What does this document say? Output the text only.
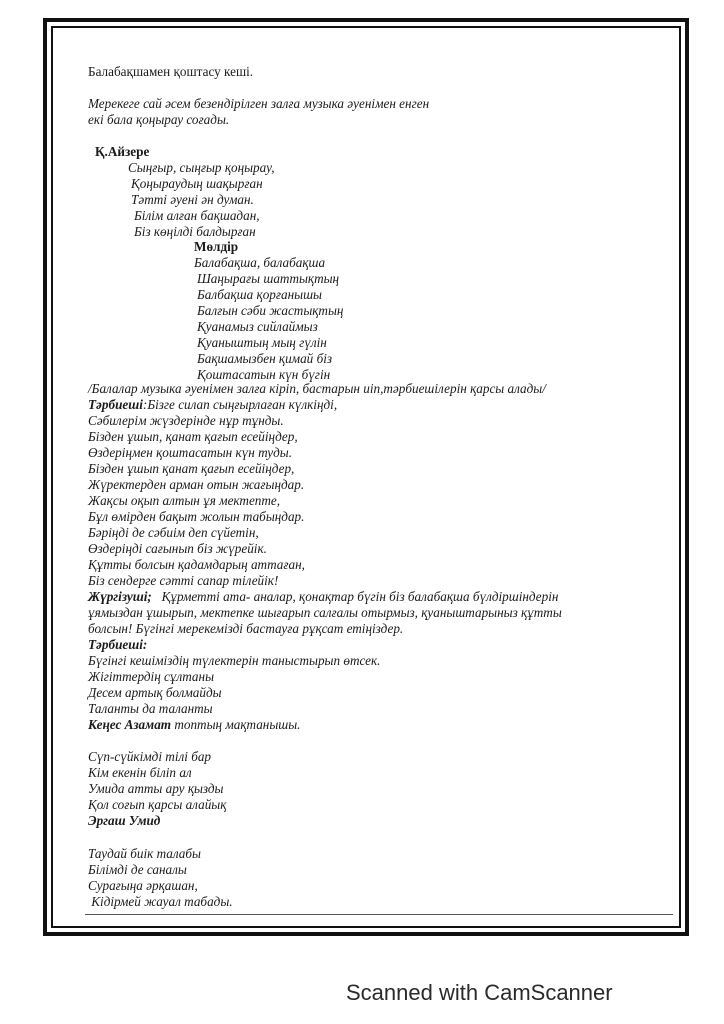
Балабақшамен қоштасу кеші.
Мерекеге сай әсем безендірілген залға музыка әуенімен енген
екі бала қоңырау соғады.
Қ.Айзере
Сыңғыр, сыңғыр қоңырау,
Қоңыраудың шақырған
Тәтті әуені ән думан.
Білім алған бақшадан,
Біз көңілді балдырған
Мөлдір
Балабақша, балабақша
Шаңырағы шаттықтың
Балбақша қорғанышы
Балғын сәби жастықтың
Қуанамыз сийлаймыз
Қуаныштың мың гүлін
Бақшамызбен қимай біз
Қоштасатын күн бүгін
/Балалар музыка әуенімен залға кіріп, бастарын иіп,тәрбиешілерін қарсы алады/
Тәрбиеші:Бізге силап сыңғырлаған күлкіңді,
Сәбилерім жүздерінде нұр тұнды.
Бізден ұшып, қанат қағып есейіңдер,
Өздеріңмен қоштасатын күн туды.
Бізден ұшып қанат қағып есейіңдер,
Жүректерден арман отын жағыңдар.
Жақсы оқып алтын ұя мектепте,
Бұл өмірден бақыт жолын табыңдар.
Бәріңді де сәбиім деп сүйетін,
Өздеріңді сағынып біз жүрейік.
Құтты болсын қадамдарың аттаған,
Біз сендерге сәтті сапар тілейік!
Жүргізуші; Құрметті ата- аналар, қонақтар бүгін біз балабақша бүлдіршіндерін
ұямыздан ұшырып, мектепке шығарып салғалы отырмыз, қуаныштарыныз құтты
болсын! Бүгінгі мерекемізді бастауға рұқсат етіңіздер.
Тәрбиеші:
Бүгінгі кешіміздің түлектерін таныстырып өтсек.
Жігіттердің сұлтаны
Десем артық болмайды
Таланты да таланты
Кеңес Азамат топтың мақтанышы.
Сүп-сүйкімді тілі бар
Кім екенін біліп ал
Умида атты ару қызды
Қол соғып қарсы алайық
Эргаш Умид
Таудай биік талабы
Білімді де саналы
Сурағыңа әрқашан,
Кідірмей жауал табады.
Scanned with CamScanner
